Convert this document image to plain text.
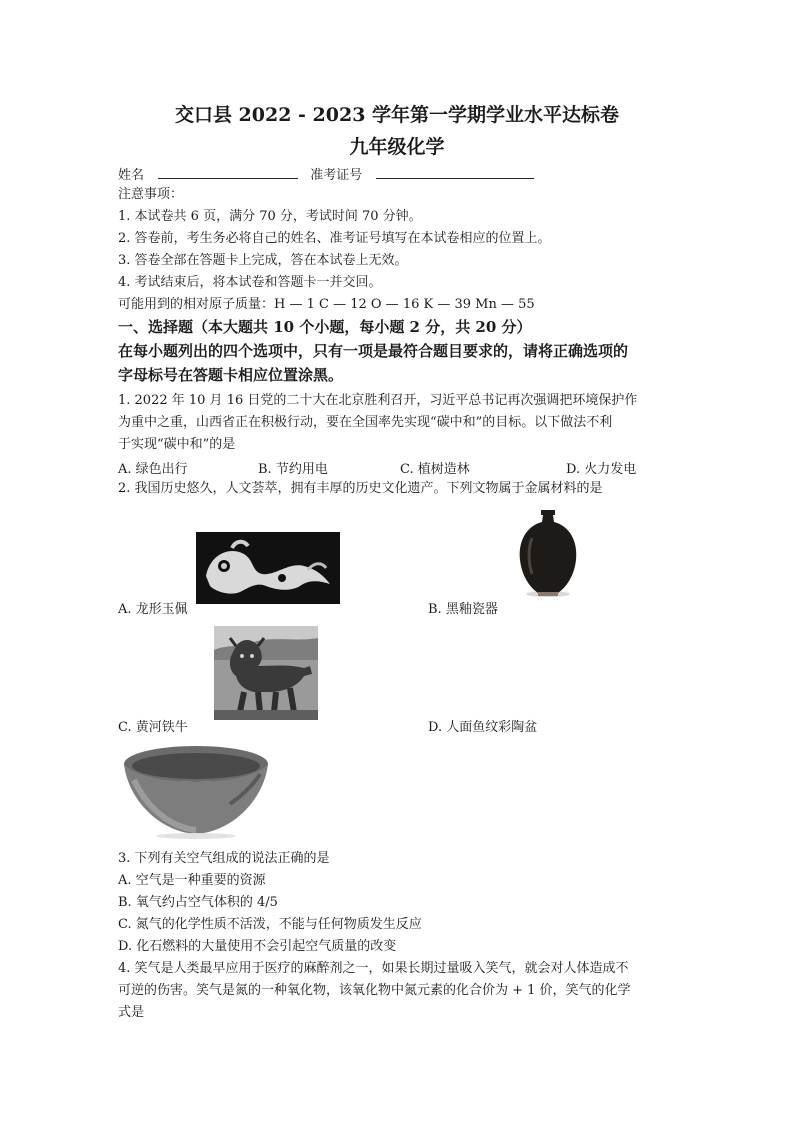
交口县 2022 - 2023 学年第一学期学业水平达标卷
九年级化学
姓名	准考证号
注意事项：
1. 本试卷共 6 页，满分 70 分，考试时间 70 分钟。
2. 答卷前，考生务必将自己的姓名、准考证号填写在本试卷相应的位置上。
3. 答卷全部在答题卡上完成，答在本试卷上无效。
4. 考试结束后，将本试卷和答题卡一并交回。
可能用到的相对原子质量：H — 1 C — 12 O — 16 K — 39 Mn — 55
一、选择题（本大题共 10 个小题，每小题 2 分，共 20 分）
在每小题列出的四个选项中，只有一项是最符合题目要求的，请将正确选项的
字母标号在答题卡相应位置涂黑。
1. 2022 年 10 月 16 日党的二十大在北京胜利召开，习近平总书记再次强调把环境保护作
为重中之重，山西省正在积极行动，要在全国率先实现“碳中和”的目标。以下做法不利
于实现“碳中和”的是
A. 绿色出行	B. 节约用电	C. 植树造林	D. 火力发电
2. 我国历史悠久，人文荟萃，拥有丰厚的历史文化遗产。下列文物属于金属材料的是
A. 龙形玉佩	B. 黑釉瓷器
C. 黄河铁牛	D. 人面鱼纹彩陶盆
3. 下列有关空气组成的说法正确的是
A. 空气是一种重要的资源
B. 氧气约占空气体积的 4/5
C. 氮气的化学性质不活泼，不能与任何物质发生反应
D. 化石燃料的大量使用不会引起空气质量的改变
4. 笑气是人类最早应用于医疗的麻醉剂之一，如果长期过量吸入笑气，就会对人体造成不
可逆的伤害。笑气是氮的一种氧化物，该氧化物中氮元素的化合价为 + 1 价，笑气的化学
式是
